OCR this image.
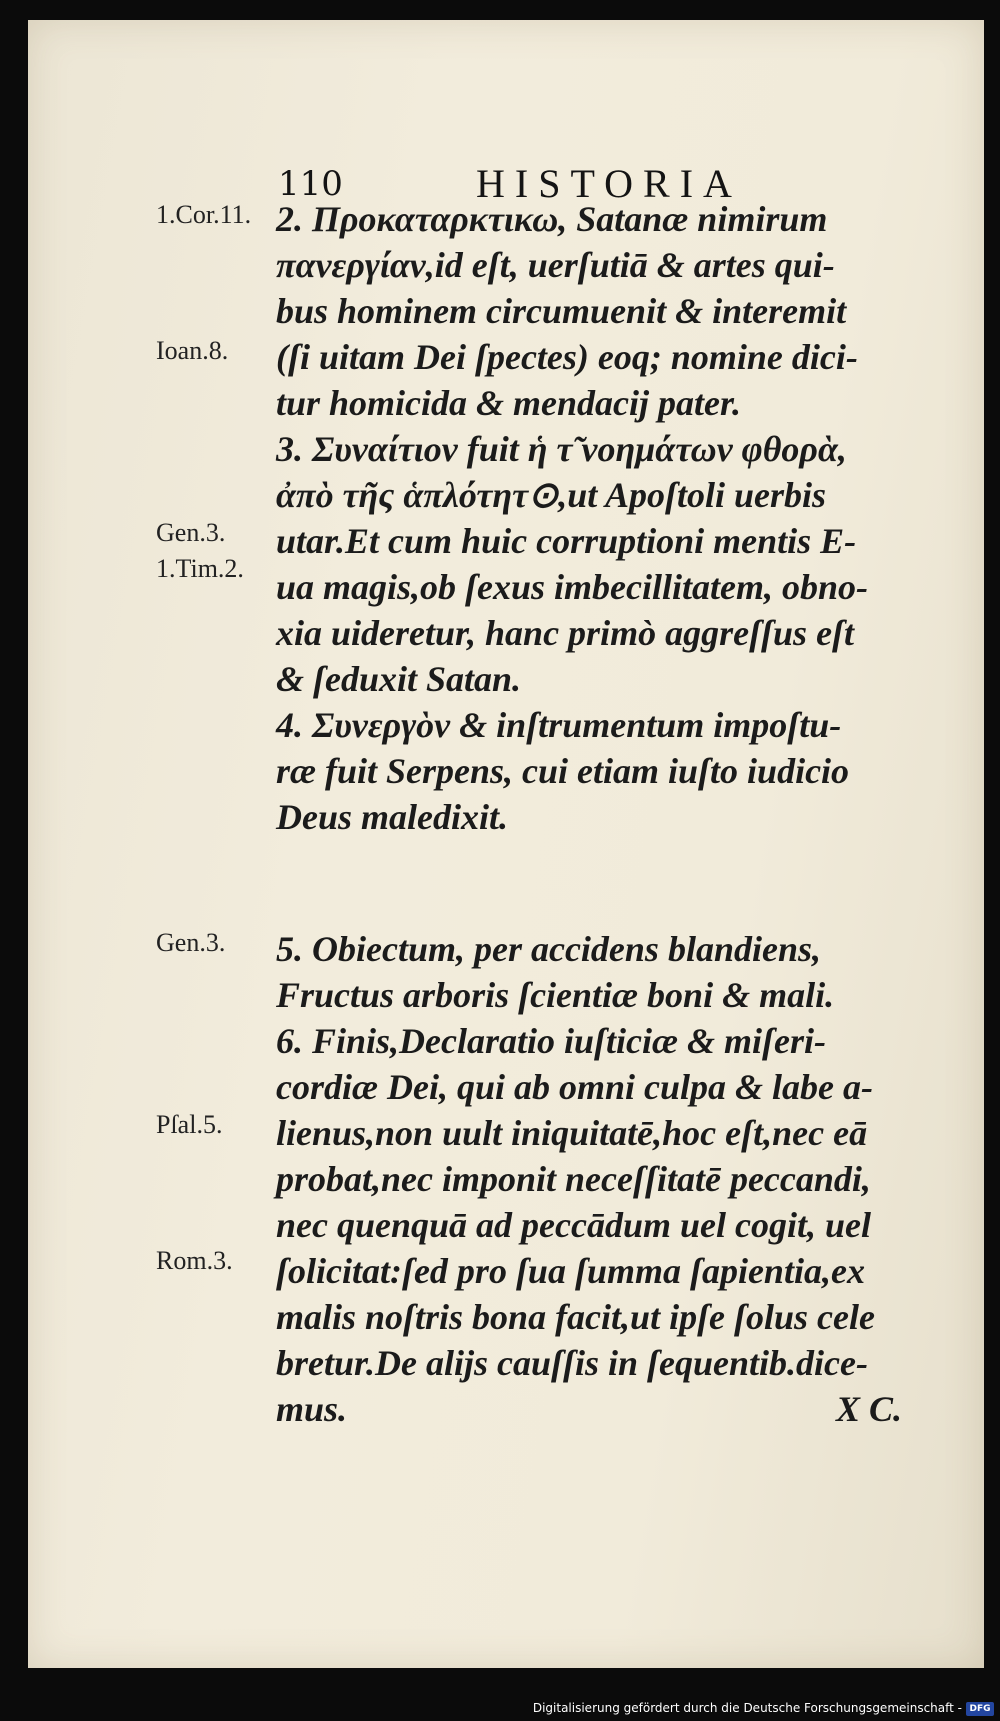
110	HISTORIA
1.Cor.11.
Ioan.8.
Gen.3.
1.Tim.2.
Gen.3.
Pſal.5.
Rom.3.
2. Προκαταρκτικω, Satanæ nimirum
πανεργίαν,id eſt, uerſutiā & artes qui-
bus hominem circumuenit & interemit
(ſi uitam Dei ſpectes) eoq; nomine dici-
tur homicida & mendacij pater.
3. Συναίτιον fuit ἡ τ̃ νοημάτων φθορὰ,
ἀπὸ τῆς ἁπλότητ⊙,ut Apoſtoli uerbis
utar.Et cum huic corruptioni mentis E-
ua magis,ob ſexus imbecillitatem, obno-
xia uideretur, hanc primò aggreſſus eſt
& ſeduxit Satan.
4. Συνεργὸν & inſtrumentum impoſtu-
ræ fuit Serpens, cui etiam iuſto iudicio
Deus maledixit.
5. Obiectum, per accidens blandiens,
Fructus arboris ſcientiæ boni & mali.
6. Finis,Declaratio iuſticiæ & miſeri-
cordiæ Dei, qui ab omni culpa & labe a-
lienus,non uult iniquitatē,hoc eſt,nec eā
probat,nec imponit neceſſitatē peccandi,
nec quenquā ad peccādum uel cogit, uel
ſolicitat:ſed pro ſua ſumma ſapientia,ex
malis noſtris bona facit,ut ipſe ſolus cele
bretur.De alijs cauſſis in ſequentib.dice-
mus.	X C.
Digitalisierung gefördert durch die Deutsche Forschungsgemeinschaft - DFG
